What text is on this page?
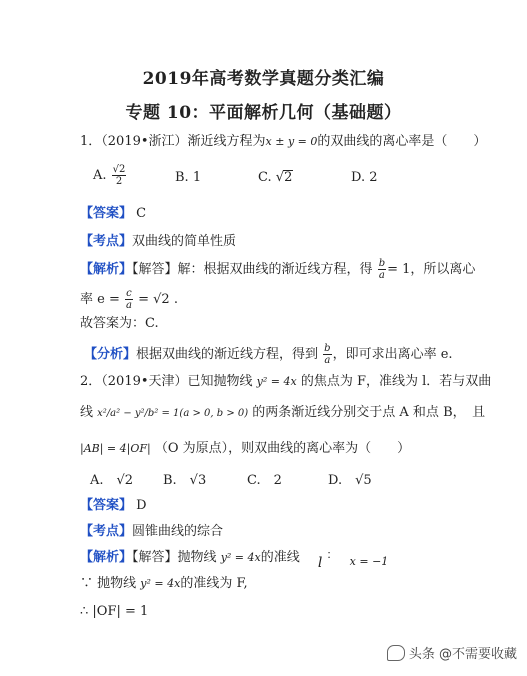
2019年高考数学真题分类汇编
专题 10：平面解析几何（基础题）
1．（2019•浙江）渐近线方程为x ± y = 0的双曲线的离心率是（　　）
A. $\frac{√2}{2}$	B. 1	C. √2	D. 2
【答案】 C
【考点】双曲线的简单性质
【解析】【解答】解：根据双曲线的渐近线方程，得 $\frac{b}{a} = 1$，所以离心
率 $e = \frac{c}{a} = √2$ .
故答案为：C.
【分析】根据双曲线的渐近线方程，得到 $\frac{b}{a}$ ，即可求出离心率 e.
2．（2019•天津）已知抛物线 y² = 4x 的焦点为 F，准线为 l．若与双曲
线 x²/a² − y²/b² = 1(a > 0, b > 0) 的两条渐近线分别交于点 A 和点 B，　且
|AB| = 4|OF| （O 为原点），则双曲线的离心率为（　　）
A.　√2 B.　√3	C.　2	D.　√5
【答案】 D
【考点】圆锥曲线的综合
【解析】【解答】抛物线 y² = 4x的准线 l ： $_{x = -1}$
∵ 抛物线 y² = 4x的准线为 F,
∴ |OF| = 1
头条 @不需要收藏
